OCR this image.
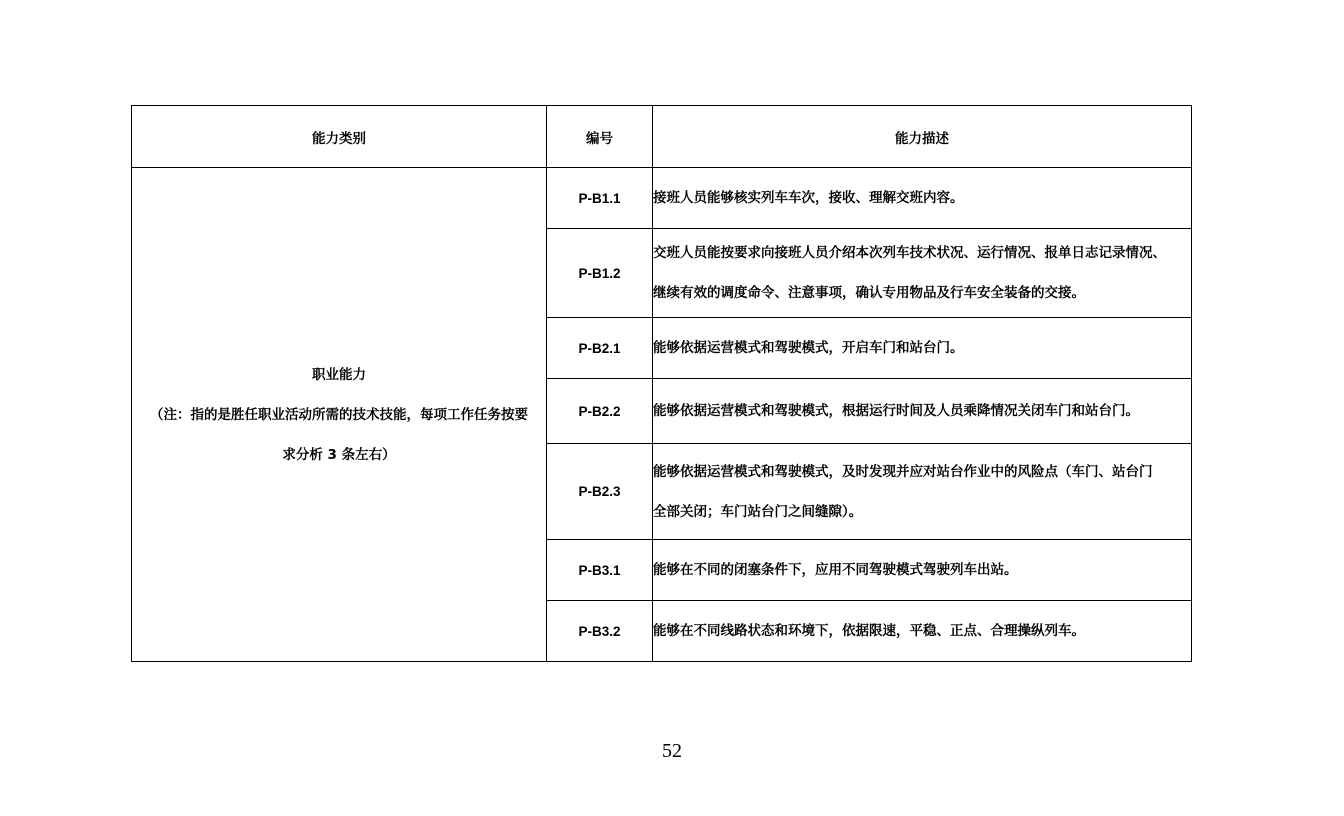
能力类别	编号	能力描述

职业能力
（注：指的是胜任职业活动所需的技术技能，每项工作任务按要
求分析 3 条左右）	P-B1.1	接班人员能够核实列车车次，接收、理解交班内容。

	P-B1.2	交班人员能按要求向接班人员介绍本次列车技术状况、运行情况、报单日志记录情况、
继续有效的调度命令、注意事项，确认专用物品及行车安全装备的交接。

	P-B2.1	能够依据运营模式和驾驶模式，开启车门和站台门。

	P-B2.2	能够依据运营模式和驾驶模式，根据运行时间及人员乘降情况关闭车门和站台门。

	P-B2.3	能够依据运营模式和驾驶模式，及时发现并应对站台作业中的风险点（车门、站台门
全部关闭；车门站台门之间缝隙）。

	P-B3.1	能够在不同的闭塞条件下，应用不同驾驶模式驾驶列车出站。

	P-B3.2	能够在不同线路状态和环境下，依据限速，平稳、正点、合理操纵列车。
52
